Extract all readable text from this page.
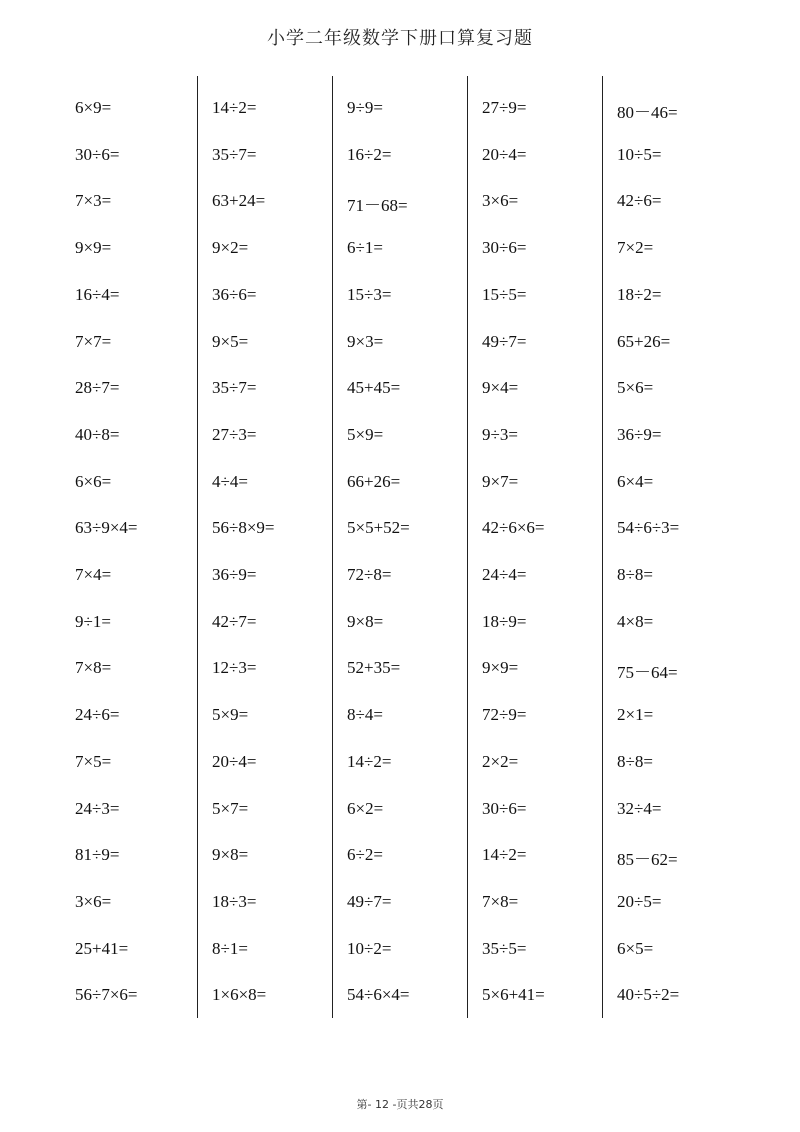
小学二年级数学下册口算复习题
6×9=
30÷6=
7×3=
9×9=
16÷4=
7×7=
28÷7=
40÷8=
6×6=
63÷9×4=
7×4=
9÷1=
7×8=
24÷6=
7×5=
24÷3=
81÷9=
3×6=
25+41=
56÷7×6=
14÷2=
35÷7=
63+24=
9×2=
36÷6=
9×5=
35÷7=
27÷3=
4÷4=
56÷8×9=
36÷9=
42÷7=
12÷3=
5×9=
20÷4=
5×7=
9×8=
18÷3=
8÷1=
1×6×8=
9÷9=
16÷2=
71－68=
6÷1=
15÷3=
9×3=
45+45=
5×9=
66+26=
5×5+52=
72÷8=
9×8=
52+35=
8÷4=
14÷2=
6×2=
6÷2=
49÷7=
10÷2=
54÷6×4=
27÷9=
20÷4=
3×6=
30÷6=
15÷5=
49÷7=
9×4=
9÷3=
9×7=
42÷6×6=
24÷4=
18÷9=
9×9=
72÷9=
2×2=
30÷6=
14÷2=
7×8=
35÷5=
5×6+41=
80－46=
10÷5=
42÷6=
7×2=
18÷2=
65+26=
5×6=
36÷9=
6×4=
54÷6÷3=
8÷8=
4×8=
75－64=
2×1=
8÷8=
32÷4=
85－62=
20÷5=
6×5=
40÷5÷2=
第- 12 -页共28页
